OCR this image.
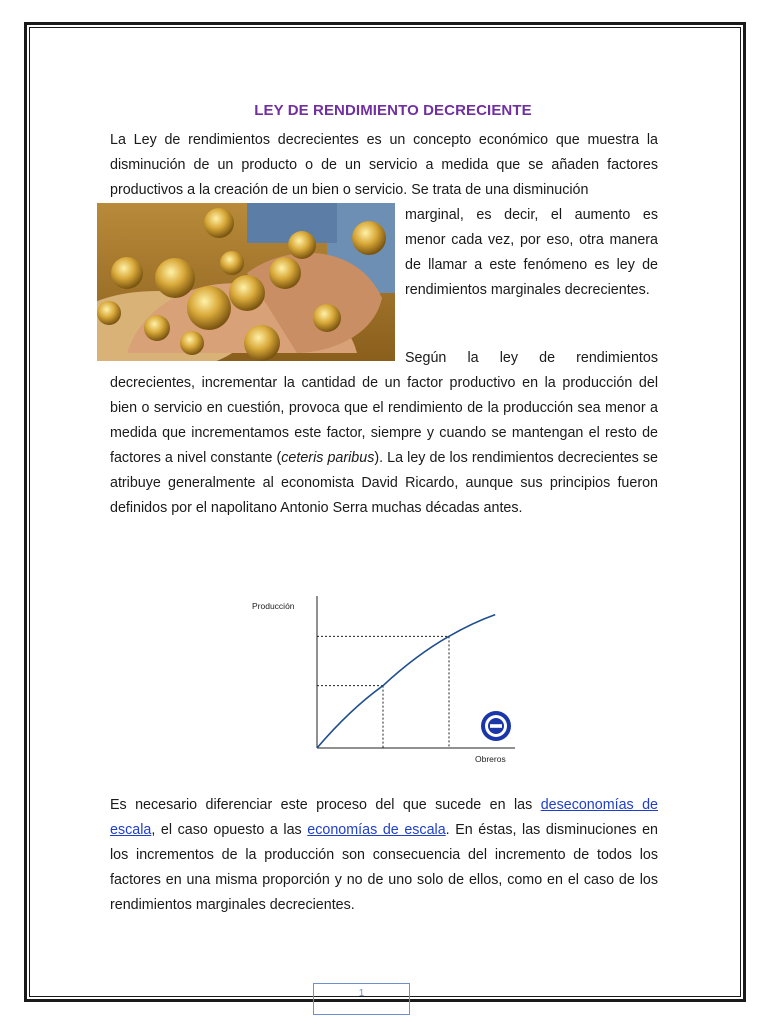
LEY DE RENDIMIENTO DECRECIENTE

La Ley de rendimientos decrecientes es un concepto económico que muestra la disminución de un producto o de un servicio a medida que se añaden factores productivos a la creación de un bien o servicio. Se trata de una disminución

marginal, es decir, el aumento es menor cada vez, por eso, otra manera de llamar a este fenómeno es ley de rendimientos marginales decrecientes.

Según la ley de rendimientos decrecientes, incrementar la cantidad de un factor productivo en la producción del bien o servicio en cuestión, provoca que el rendimiento de la producción sea menor a medida que incrementamos este factor, siempre y cuando se mantengan el resto de factores a nivel constante (ceteris paribus). La ley de los rendimientos decrecientes se atribuye generalmente al economista David Ricardo, aunque sus principios fueron definidos por el napolitano Antonio Serra muchas décadas antes.

Producción
Obreros

Es necesario diferenciar este proceso del que sucede en las deseconomías de escala, el caso opuesto a las economías de escala. En éstas, las disminuciones en los incrementos de la producción son consecuencia del incremento de todos los factores en una misma proporción y no de uno solo de ellos, como en el caso de los rendimientos marginales decrecientes.

1
